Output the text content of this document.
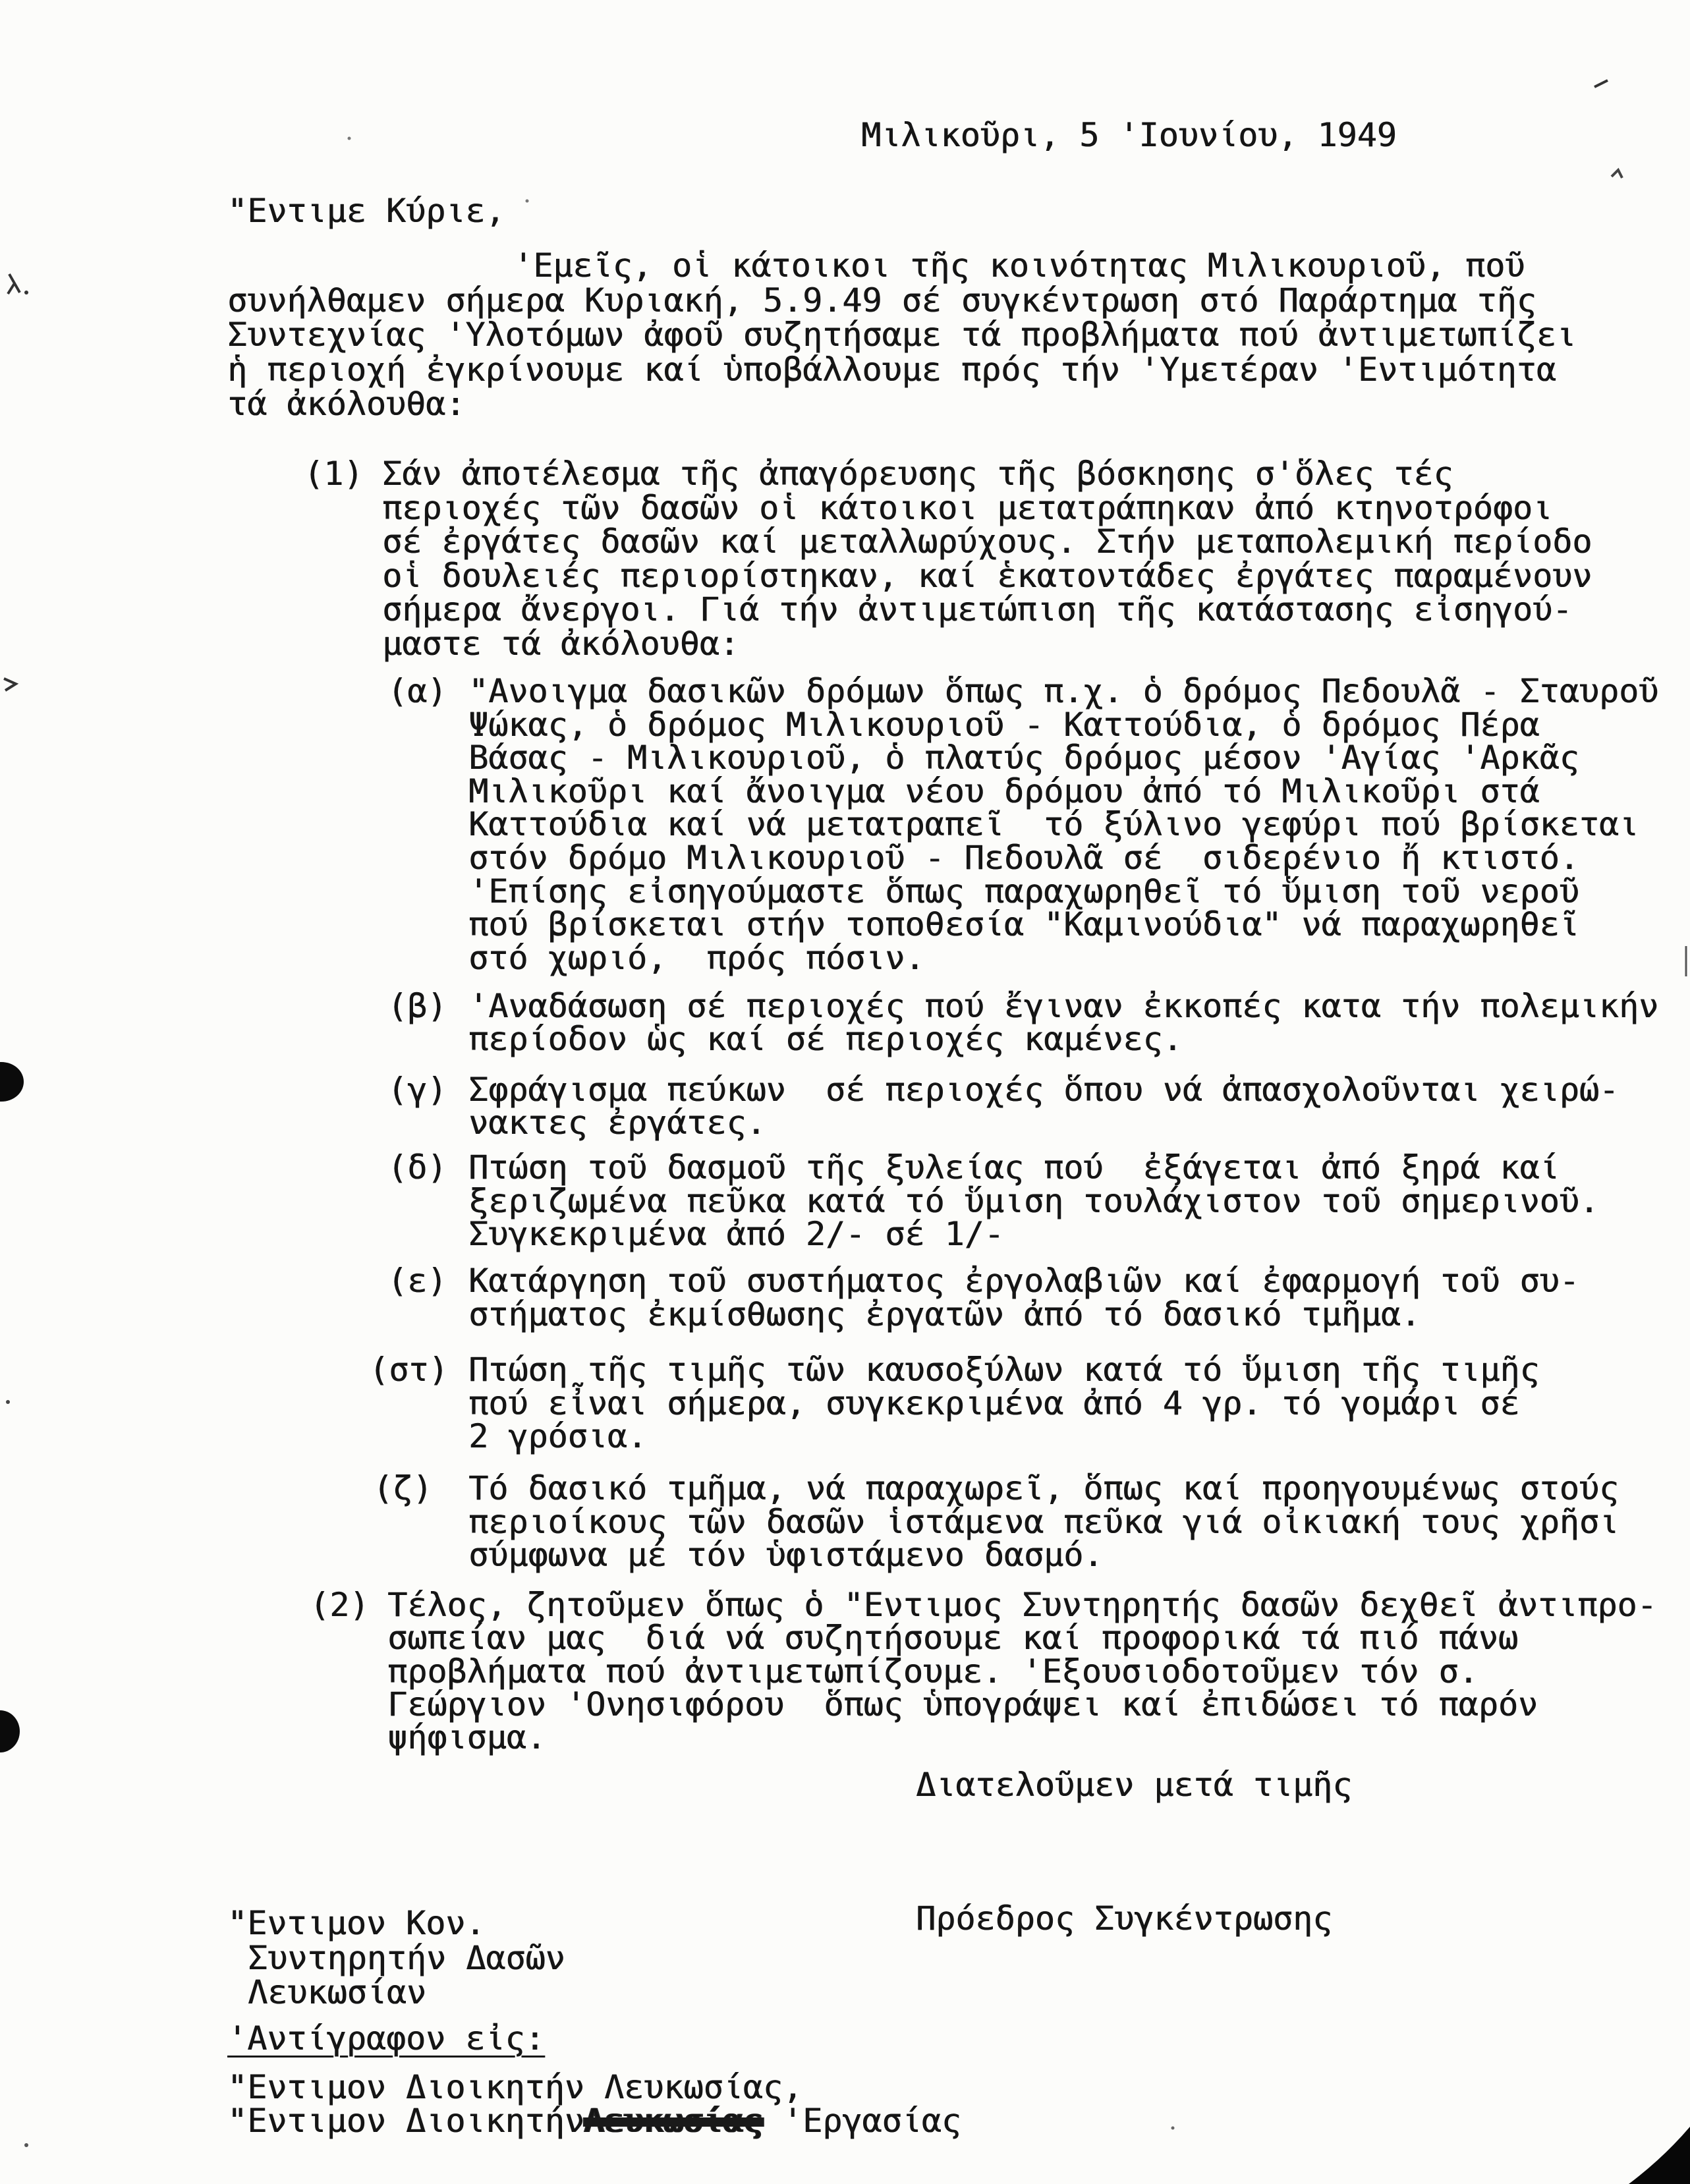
Μιλικοῦρι, 5 'Ιουνίου, 1949
"Εντιμε Κύριε,
'Εμεῖς, οἱ κάτοικοι τῆς κοινότητας Μιλικουριοῦ, ποῦ
συνήλθαμεν σήμερα Κυριακή, 5.9.49 σέ συγκέντρωση στό Παράρτημα τῆς
Συντεχνίας 'Υλοτόμων ἀφοῦ συζητήσαμε τά προβλήματα πού ἀντιμετωπίζει
ἡ περιοχή ἐγκρίνουμε καί ὑποβάλλουμε πρός τήν 'Υμετέραν 'Εντιμότητα
τά ἀκόλουθα:
(1) Σάν ἀποτέλεσμα τῆς ἀπαγόρευσης τῆς βόσκησης σ'ὅλες τές
περιοχές τῶν δασῶν οἱ κάτοικοι μετατράπηκαν ἀπό κτηνοτρόφοι
σέ ἐργάτες δασῶν καί μεταλλωρύχους. Στήν μεταπολεμική περίοδο
οἱ δουλειές περιορίστηκαν, καί ἑκατοντάδες ἐργάτες παραμένουν
σήμερα ἄνεργοι. Γιά τήν ἀντιμετώπιση τῆς κατάστασης εἰσηγού-
μαστε τά ἀκόλουθα:
(α) "Ανοιγμα δασικῶν δρόμων ὅπως π.χ. ὁ δρόμος Πεδουλᾶ - Σταυροῦ
Ψώκας, ὁ δρόμος Μιλικουριοῦ - Καττούδια, ὁ δρόμος Πέρα
Βάσας - Μιλικουριοῦ, ὁ πλατύς δρόμος μέσον 'Αγίας 'Αρκᾶς
Μιλικοῦρι καί ἄνοιγμα νέου δρόμου ἀπό τό Μιλικοῦρι στά
Καττούδια καί νά μετατραπεῖ  τό ξύλινο γεφύρι πού βρίσκεται
στόν δρόμο Μιλικουριοῦ - Πεδουλᾶ σέ  σιδερένιο ἤ κτιστό.
'Επίσης εἰσηγούμαστε ὅπως παραχωρηθεῖ τό ὕμιση τοῦ νεροῦ
πού βρίσκεται στήν τοποθεσία "Καμινούδια" νά παραχωρηθεῖ
στό χωριό,  πρός πόσιν.
(β) 'Αναδάσωση σέ περιοχές πού ἔγιναν ἐκκοπές κατα τήν πολεμικήν
περίοδον ὡς καί σέ περιοχές καμένες.
(γ) Σφράγισμα πεύκων  σέ περιοχές ὅπου νά ἀπασχολοῦνται χειρώ-
νακτες ἐργάτες.
(δ) Πτώση τοῦ δασμοῦ τῆς ξυλείας πού  ἐξάγεται ἀπό ξηρά καί
ξεριζωμένα πεῦκα κατά τό ὕμιση τουλάχιστον τοῦ σημερινοῦ.
Συγκεκριμένα ἀπό 2/- σέ 1/-
(ε) Κατάργηση τοῦ συστήματος ἐργολαβιῶν καί ἐφαρμογή τοῦ συ-
στήματος ἐκμίσθωσης ἐργατῶν ἀπό τό δασικό τμῆμα.
(στ) Πτώση τῆς τιμῆς τῶν καυσοξύλων κατά τό ὕμιση τῆς τιμῆς
πού εἶναι σήμερα, συγκεκριμένα ἀπό 4 γρ. τό γομάρι σέ
2 γρόσια.
(ζ) Τό δασικό τμῆμα, νά παραχωρεῖ, ὅπως καί προηγουμένως στούς
περιοίκους τῶν δασῶν ἱστάμενα πεῦκα γιά οἰκιακή τους χρῆσι
σύμφωνα μέ τόν ὑφιστάμενο δασμό.
(2) Τέλος, ζητοῦμεν ὅπως ὁ "Εντιμος Συντηρητής δασῶν δεχθεῖ ἀντιπρο-
σωπείαν μας  διά νά συζητήσουμε καί προφορικά τά πιό πάνω
προβλήματα πού ἀντιμετωπίζουμε. 'Εξουσιοδοτοῦμεν τόν σ.
Γεώργιον 'Ονησιφόρου  ὅπως ὑπογράψει καί ἐπιδώσει τό παρόν
ψήφισμα.
Διατελοῦμεν μετά τιμῆς
"Εντιμον Κον.
Συντηρητήν Δασῶν
Λευκωσίαν
Πρόεδρος Συγκέντρωσης
'Αντίγραφον εἰς:
"Εντιμον Διοικητήν Λευκωσίας,
"Εντιμον ΔιοικητήνΛευκωσίας 'Εργασίας
